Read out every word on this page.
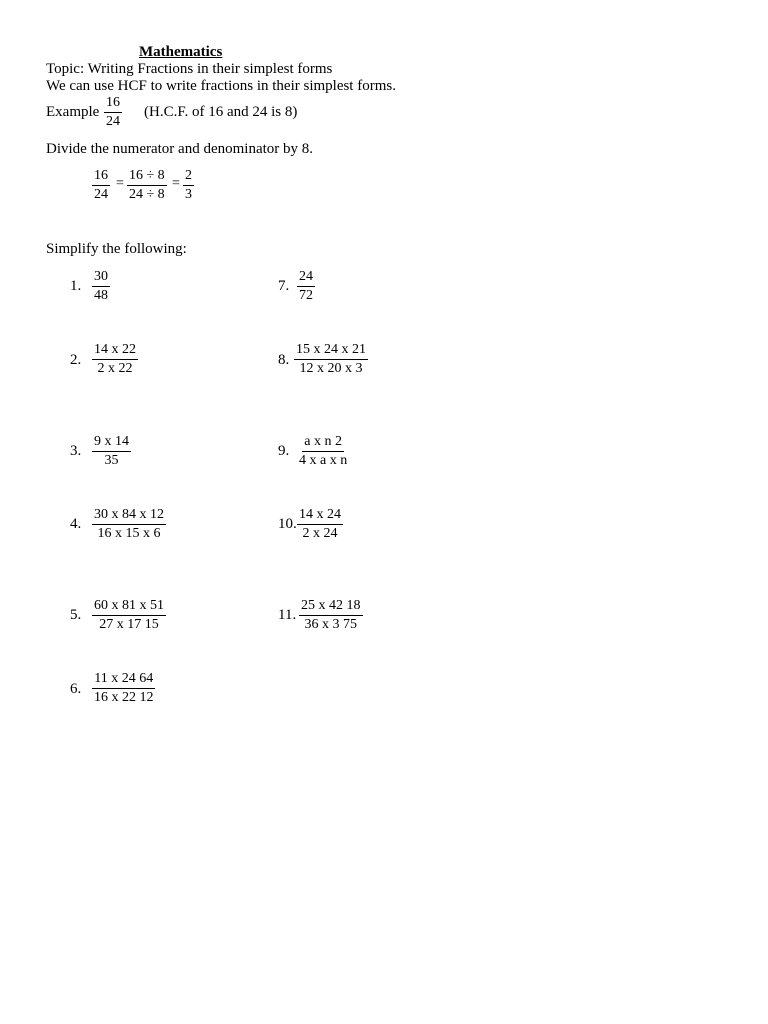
Mathematics
Topic: Writing Fractions in their simplest forms
We can use HCF to write fractions in their simplest forms.
Example $\frac{16}{24} (H.C.F$. of 16 and 24 is 8)
Divide the numerator and denominator by 8.
$\frac{16}{24} = \frac{16 \div 8}{24 \div 8} = \frac{2}{3}$
Simplify the following:
1. $\frac{30}{48}$
2. $\frac{14 x 22}{2 x 22}$
3. $\frac{9 x 14}{35}$
4. $\frac{30 x 84 x 12}{16 x 15 x 6}$
5. $\frac{60 x 81 x 51}{27 x 17 15}$
6. $\frac{11 x 24 64}{16 x 22 12}$
7. $\frac{24}{72}$
8. $\frac{15 x 24 x 21}{12 x 20 x 3}$
9. $\frac{\text{a x n 2}}{\text{4 x a x n}}$
10. $\frac{14 x 24}{2 x 24}$
11. $\frac{25 x 42 18}{36 x 3 75}$
